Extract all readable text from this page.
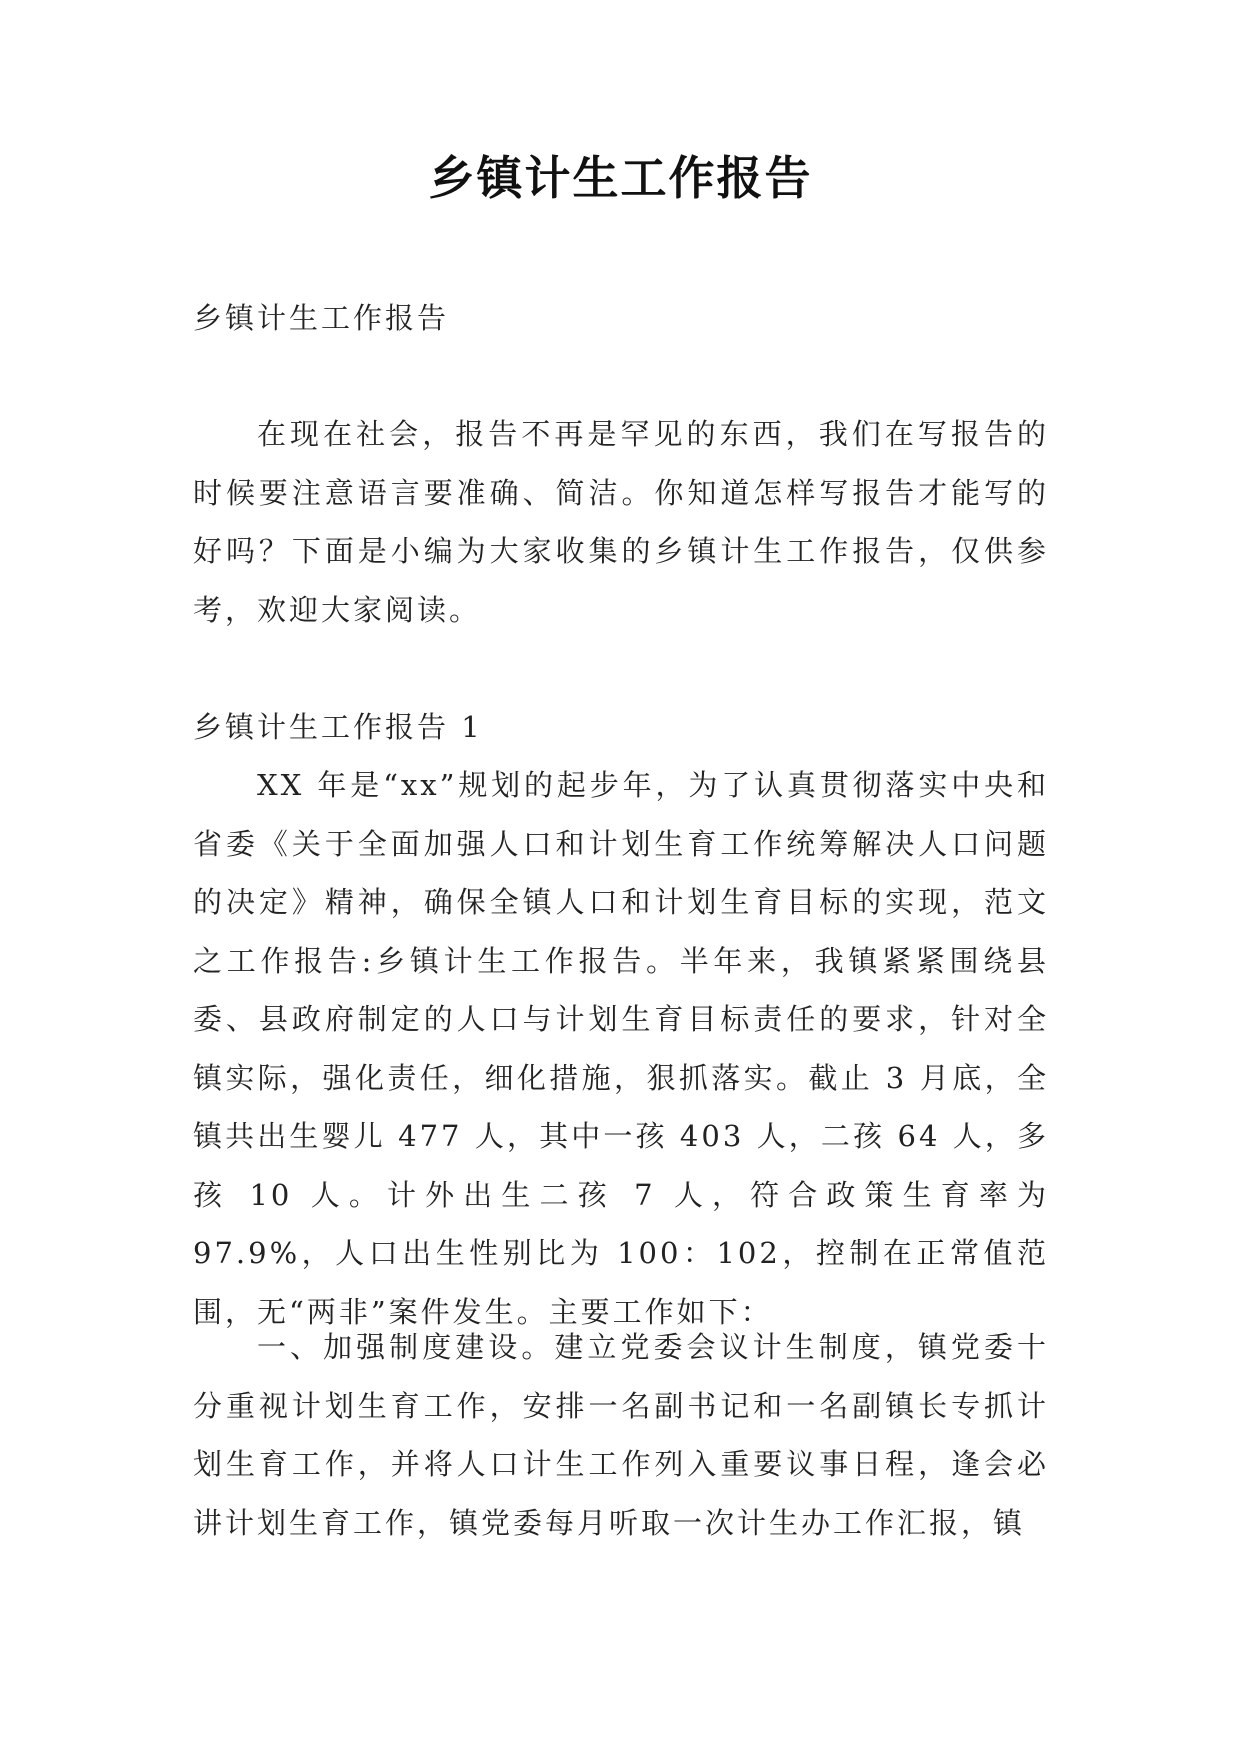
乡镇计生工作报告

乡镇计生工作报告

在现在社会，报告不再是罕见的东西，我们在写报告的时候要注意语言要准确、简洁。你知道怎样写报告才能写的好吗？下面是小编为大家收集的乡镇计生工作报告，仅供参考，欢迎大家阅读。

乡镇计生工作报告 1

XX 年是“xx”规划的起步年，为了认真贯彻落实中央和省委《关于全面加强人口和计划生育工作统筹解决人口问题的决定》精神，确保全镇人口和计划生育目标的实现，范文之工作报告:乡镇计生工作报告。半年来，我镇紧紧围绕县委、县政府制定的人口与计划生育目标责任的要求，针对全镇实际，强化责任，细化措施，狠抓落实。截止 3 月底，全镇共出生婴儿 477 人，其中一孩 403 人，二孩 64 人，多孩 10 人。计外出生二孩 7 人，符合政策生育率为 97.9%，人口出生性别比为 100：102，控制在正常值范围，无“两非”案件发生。主要工作如下：

一、加强制度建设。建立党委会议计生制度，镇党委十分重视计划生育工作，安排一名副书记和一名副镇长专抓计划生育工作，并将人口计生工作列入重要议事日程，逢会必讲计划生育工作，镇党委每月听取一次计生办工作汇报，镇
